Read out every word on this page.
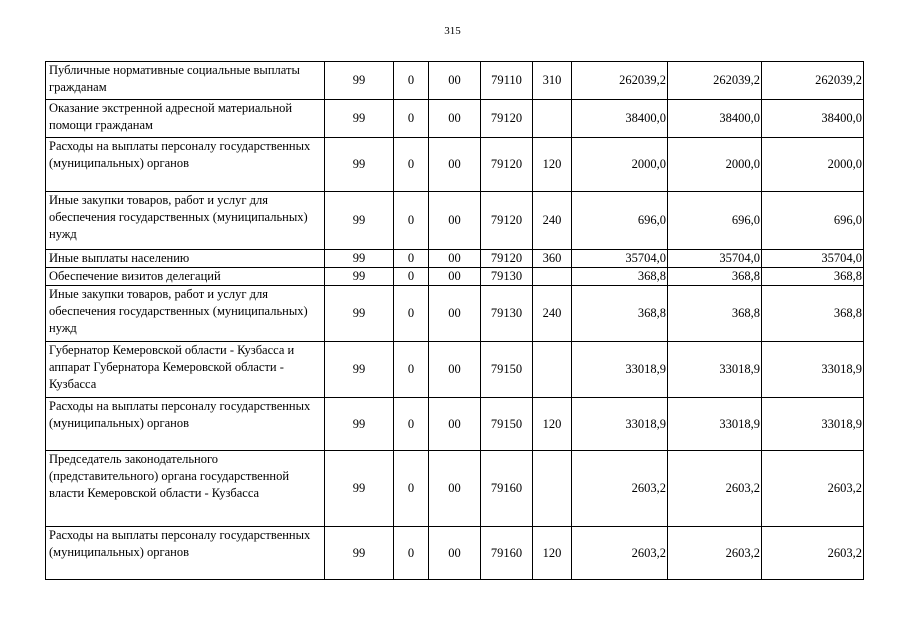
315
Публичные нормативные социальные выплаты гражданам	99	0	00	79110	310	262039,2	262039,2	262039,2
Оказание экстренной адресной материальной помощи гражданам	99	0	00	79120		38400,0	38400,0	38400,0
Расходы на выплаты персоналу государственных (муниципальных) органов	99	0	00	79120	120	2000,0	2000,0	2000,0
Иные закупки товаров, работ и услуг для обеспечения государственных (муниципальных) нужд	99	0	00	79120	240	696,0	696,0	696,0
Иные выплаты населению	99	0	00	79120	360	35704,0	35704,0	35704,0
Обеспечение визитов делегаций	99	0	00	79130		368,8	368,8	368,8
Иные закупки товаров, работ и услуг для обеспечения государственных (муниципальных) нужд	99	0	00	79130	240	368,8	368,8	368,8
Губернатор Кемеровской области - Кузбасса и аппарат Губернатора Кемеровской области - Кузбасса	99	0	00	79150		33018,9	33018,9	33018,9
Расходы на выплаты персоналу государственных (муниципальных) органов	99	0	00	79150	120	33018,9	33018,9	33018,9
Председатель законодательного (представительного) органа государственной власти Кемеровской области - Кузбасса	99	0	00	79160		2603,2	2603,2	2603,2
Расходы на выплаты персоналу государственных (муниципальных) органов	99	0	00	79160	120	2603,2	2603,2	2603,2
